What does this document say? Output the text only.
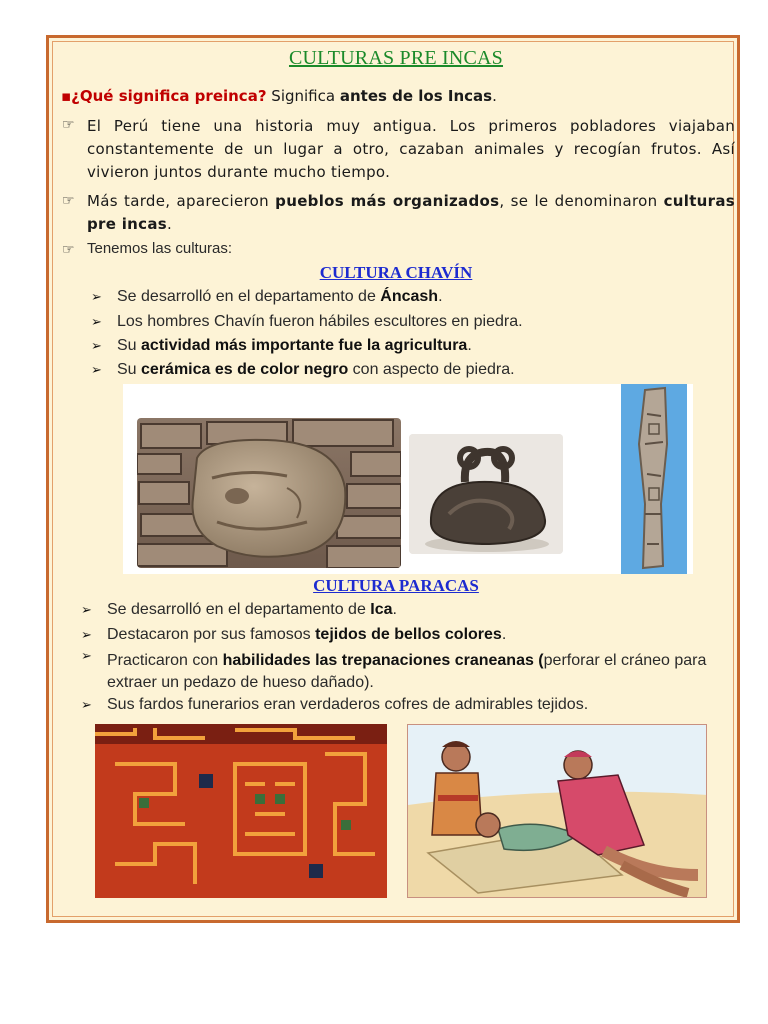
CULTURAS PRE INCAS
▪¿Qué significa preinca? Significa antes de los Incas.
☞ El Perú tiene una historia muy antigua. Los primeros pobladores viajaban constantemente de un lugar a otro, cazaban animales y recogían frutos. Así vivieron juntos durante mucho tiempo.
☞ Más tarde, aparecieron pueblos más organizados, se le denominaron culturas pre incas.
☞ Tenemos las culturas:
CULTURA CHAVÍN
➢ Se desarrolló en el departamento de Áncash.
➢ Los hombres Chavín fueron hábiles escultores en piedra.
➢ Su actividad más importante fue la agricultura.
➢ Su cerámica es de color negro con aspecto de piedra.
CULTURA PARACAS
➢ Se desarrolló en el departamento de Ica.
➢ Destacaron por sus famosos tejidos de bellos colores.
➢ Practicaron con habilidades las trepanaciones craneanas (perforar el cráneo para extraer un pedazo de hueso dañado).
➢ Sus fardos funerarios eran verdaderos cofres de admirables tejidos.
